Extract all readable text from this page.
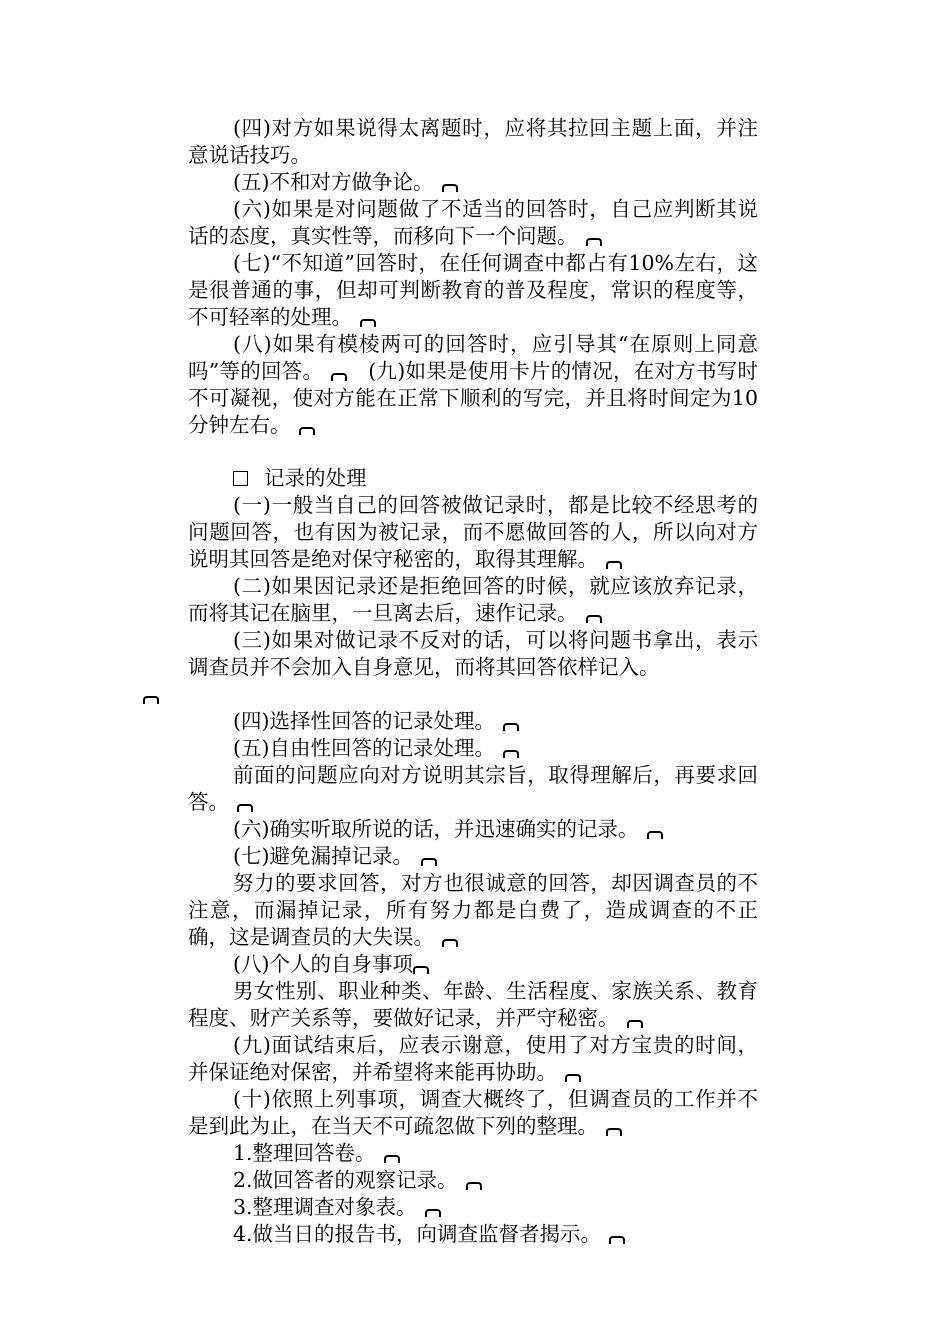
(四)对方如果说得太离题时，应将其拉回主题上面，并注意说话技巧。

(五)不和对方做争论。

(六)如果是对问题做了不适当的回答时，自己应判断其说话的态度，真实性等，而移向下一个问题。

(七)“不知道”回答时，在任何调查中都占有10%左右，这是很普通的事，但却可判断教育的普及程度，常识的程度等，不可轻率的处理。

(八)如果有模棱两可的回答时，应引导其“在原则上同意吗”等的回答。　 (九)如果是使用卡片的情况，在对方书写时不可凝视，使对方能在正常下顺利的写完，并且将时间定为10分钟左右。

记录的处理

(一)一般当自己的回答被做记录时，都是比较不经思考的问题回答，也有因为被记录，而不愿做回答的人，所以向对方说明其回答是绝对保守秘密的，取得其理解。

(二)如果因记录还是拒绝回答的时候，就应该放弃记录，而将其记在脑里，一旦离去后，速作记录。

(三)如果对做记录不反对的话，可以将问题书拿出，表示调查员并不会加入自身意见，而将其回答依样记入。

(四)选择性回答的记录处理。

(五)自由性回答的记录处理。

前面的问题应向对方说明其宗旨，取得理解后，再要求回答。

(六)确实听取所说的话，并迅速确实的记录。

(七)避免漏掉记录。

努力的要求回答，对方也很诚意的回答，却因调查员的不注意，而漏掉记录，所有努力都是白费了，造成调查的不正确，这是调查员的大失误。

(八)个人的自身事项

男女性别、职业种类、年龄、生活程度、家族关系、教育程度、财产关系等，要做好记录，并严守秘密。

(九)面试结束后，应表示谢意，使用了对方宝贵的时间，并保证绝对保密，并希望将来能再协助。

(十)依照上列事项，调查大概终了，但调查员的工作并不是到此为止，在当天不可疏忽做下列的整理。

1.整理回答卷。

2.做回答者的观察记录。

3.整理调查对象表。

4.做当日的报告书，向调查监督者揭示。
